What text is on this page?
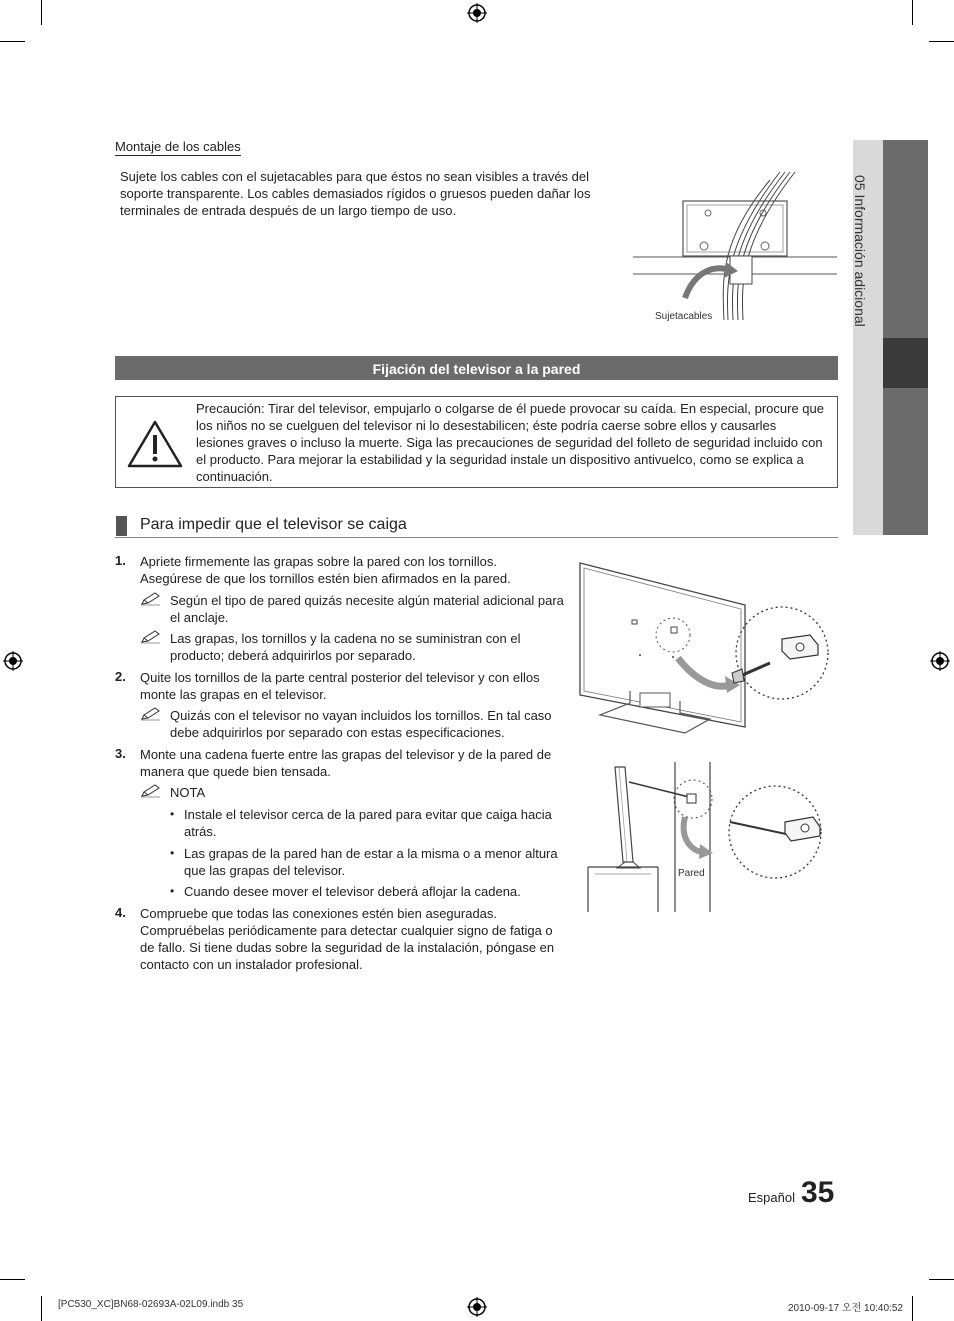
05 Información adicional
Montaje de los cables
Sujete los cables con el sujetacables para que éstos no sean visibles a través del soporte transparente. Los cables demasiados rígidos o gruesos pueden dañar los terminales de entrada después de un largo tiempo de uso.
Sujetacables
Fijación del televisor a la pared
Precaución: Tirar del televisor, empujarlo o colgarse de él puede provocar su caída. En especial, procure que los niños no se cuelguen del televisor ni lo desestabilicen; éste podría caerse sobre ellos y causarles lesiones graves o incluso la muerte. Siga las precauciones de seguridad del folleto de seguridad incluido con el producto. Para mejorar la estabilidad y la seguridad instale un dispositivo antivuelco, como se explica a continuación.
Para impedir que el televisor se caiga
1. Apriete firmemente las grapas sobre la pared con los tornillos. Asegúrese de que los tornillos estén bien afirmados en la pared.
Según el tipo de pared quizás necesite algún material adicional para el anclaje.
Las grapas, los tornillos y la cadena no se suministran con el producto; deberá adquirirlos por separado.
2. Quite los tornillos de la parte central posterior del televisor y con ellos monte las grapas en el televisor.
Quizás con el televisor no vayan incluidos los tornillos. En tal caso debe adquirirlos por separado con estas especificaciones.
3. Monte una cadena fuerte entre las grapas del televisor y de la pared de manera que quede bien tensada.
NOTA
• Instale el televisor cerca de la pared para evitar que caiga hacia atrás.
• Las grapas de la pared han de estar a la misma o a menor altura que las grapas del televisor.
• Cuando desee mover el televisor deberá aflojar la cadena.
4. Compruebe que todas las conexiones estén bien aseguradas. Compruébelas periódicamente para detectar cualquier signo de fatiga o de fallo. Si tiene dudas sobre la seguridad de la instalación, póngase en contacto con un instalador profesional.
Pared
Español 35
[PC530_XC]BN68-02693A-02L09.indb 35	2010-09-17 오전 10:40:52
